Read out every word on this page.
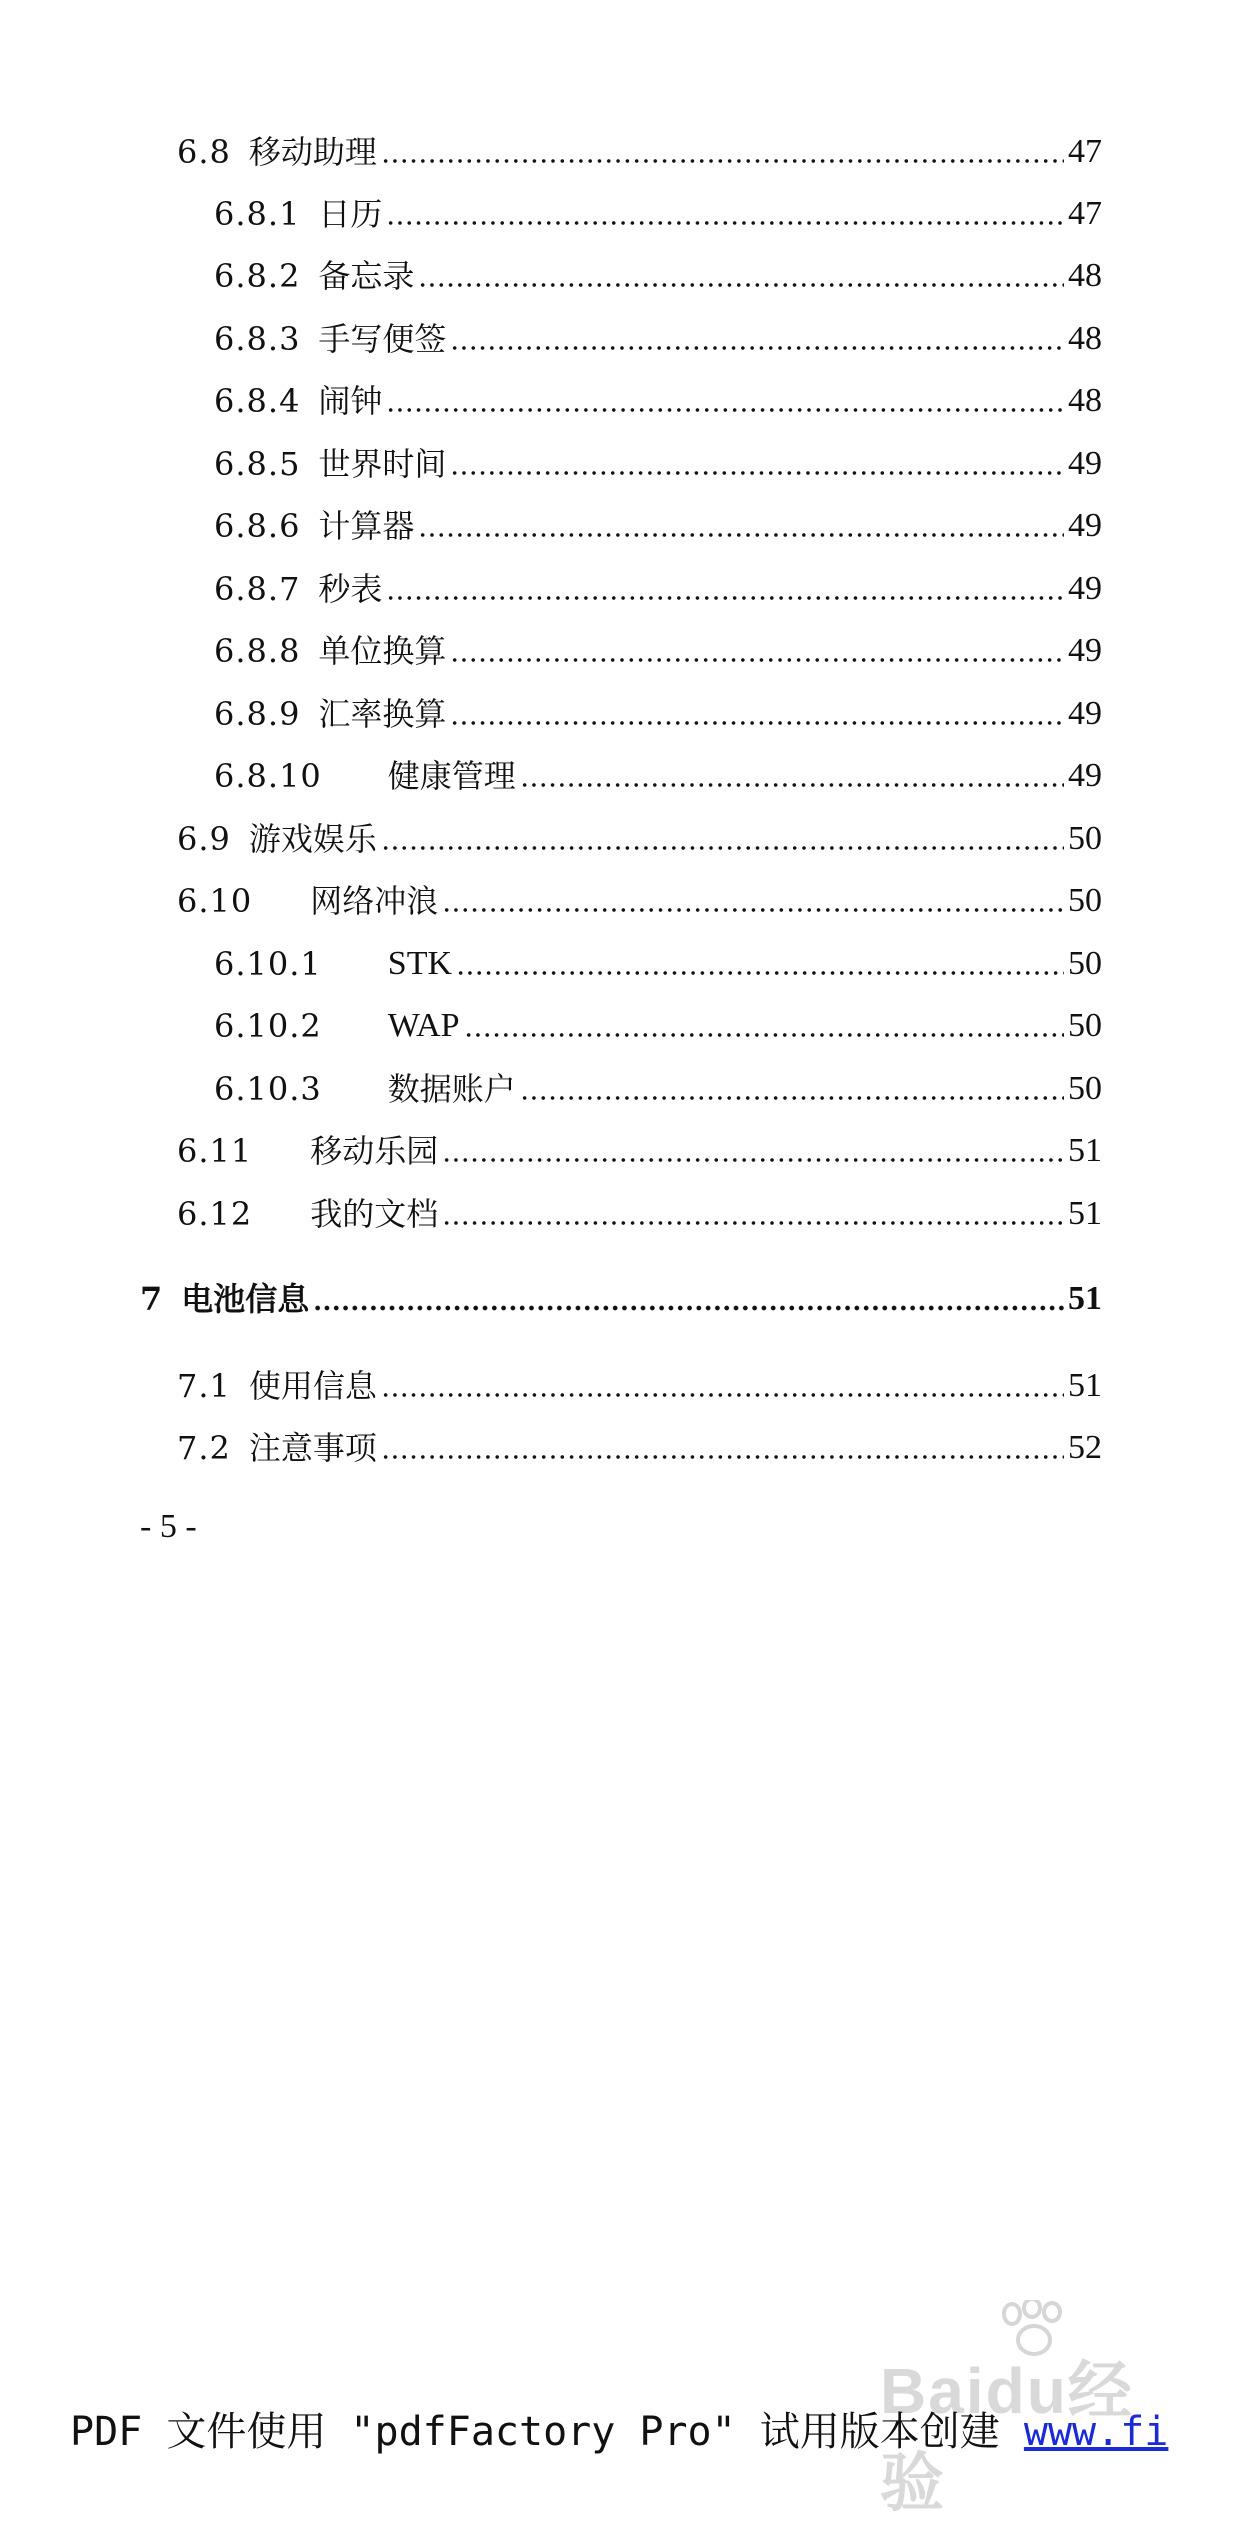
6.8 移动助理	47
6.8.1 日历	47
6.8.2 备忘录	48
6.8.3 手写便签	48
6.8.4 闹钟	48
6.8.5 世界时间	49
6.8.6 计算器	49
6.8.7 秒表	49
6.8.8 单位换算	49
6.8.9 汇率换算	49
6.8.10 健康管理	49
6.9 游戏娱乐	50
6.10 网络冲浪	50
6.10.1 STK	50
6.10.2 WAP	50
6.10.3 数据账户	50
6.11 移动乐园	51
6.12 我的文档	51
7 电池信息	51
7.1 使用信息	51
7.2 注意事项	52
- 5 -
Baidu经验
PDF 文件使用 "pdfFactory Pro" 试用版本创建 www.fi
